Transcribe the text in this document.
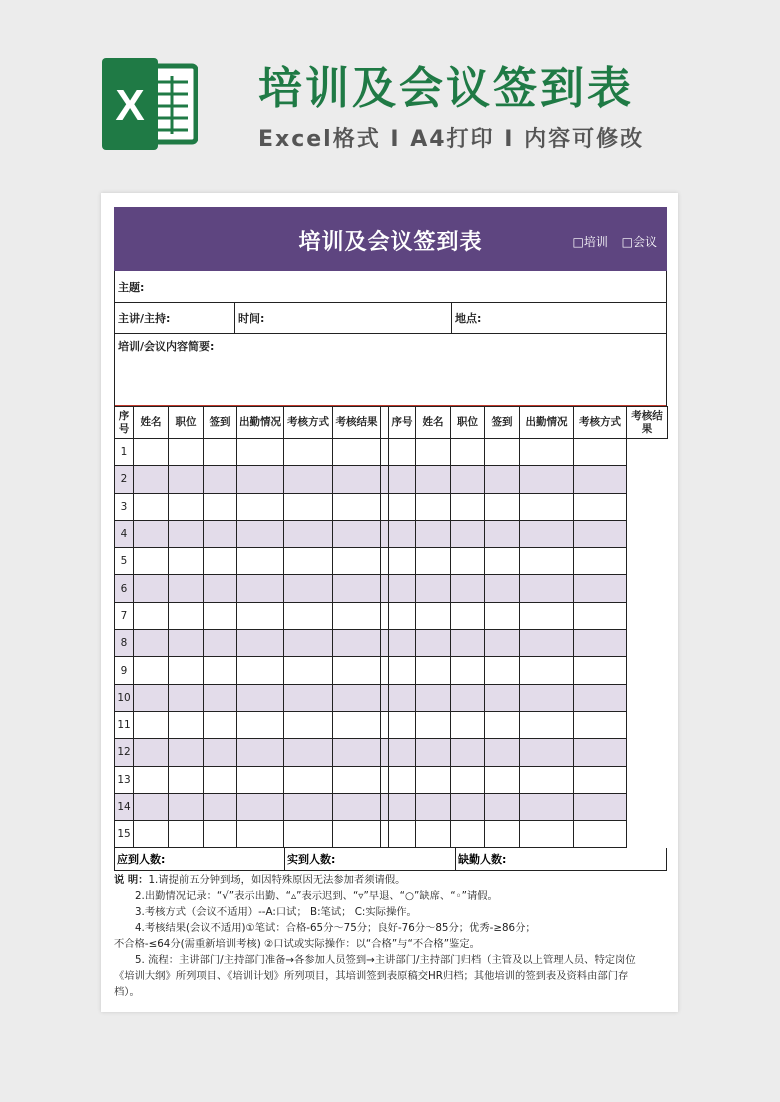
X	培训及会议签到表
Excel格式 I A4打印 I 内容可修改
培训及会议签到表	□培训 □会议
主题:
主讲/主持:	时间:	地点:
培训/会议内容简要:
序号	姓名	职位	签到	出勤情况	考核方式	考核结果		序号	姓名	职位	签到	出勤情况	考核方式	考核结果
1														
2														
3														
4														
5														
6														
7														
8														
9														
10														
11														
12														
13														
14														
15														
应到人数:	实到人数:	缺勤人数:

说 明：1.请提前五分钟到场，如因特殊原因无法参加者须请假。

2.出勤情况记录：“√”表示出勤、“▵”表示迟到、“▿”早退、“○”缺席、“◦”请假。

3.考核方式（会议不适用）--A:口试； B:笔试； C:实际操作。

4.考核结果(会议不适用)①笔试：合格-65分～75分；良好-76分～85分；优秀-≥86分；

不合格-≤64分(需重新培训考核) ②口试或实际操作：以“合格”与“不合格”鉴定。

5. 流程：主讲部门/主持部门准备→各参加人员签到→主讲部门/主持部门归档（主管及以上管理人员、特定岗位

《培训大纲》所列项目、《培训计划》所列项目，其培训签到表原稿交HR归档；其他培训的签到表及资料由部门存

档）。
